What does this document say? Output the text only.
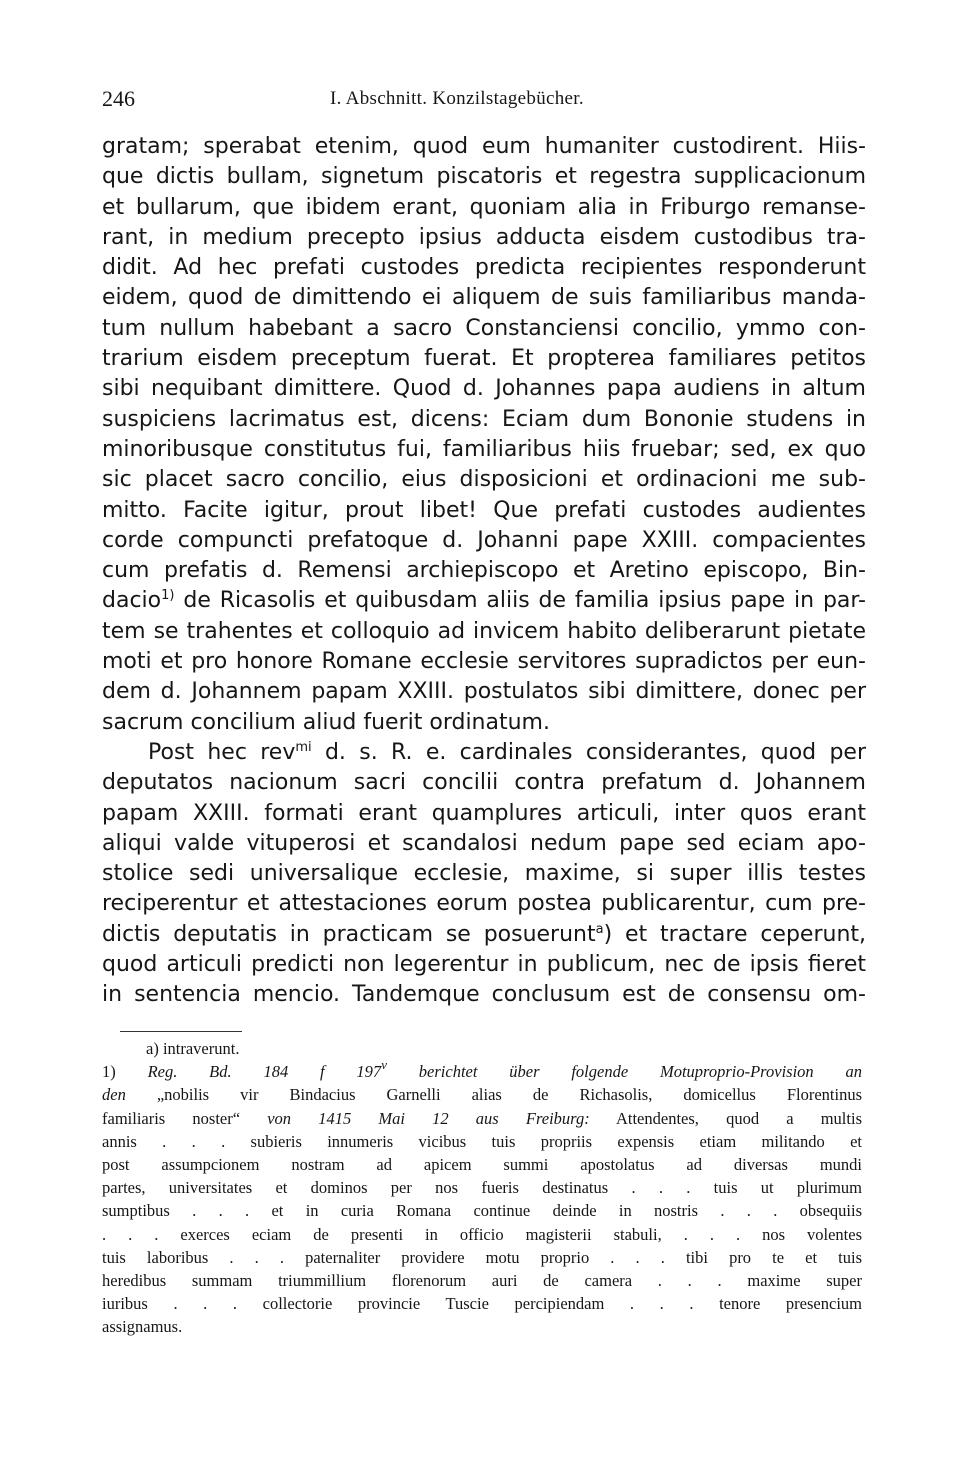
246	I. Abschnitt. Konzilstagebücher.
gratam; sperabat etenim, quod eum humaniter custodirent. Hiis-
que dictis bullam, signetum piscatoris et regestra supplicacionum
et bullarum, que ibidem erant, quoniam alia in Friburgo remanse-
rant, in medium precepto ipsius adducta eisdem custodibus tra-
didit. Ad hec prefati custodes predicta recipientes responderunt
eidem, quod de dimittendo ei aliquem de suis familiaribus manda-
tum nullum habebant a sacro Constanciensi concilio, ymmo con-
trarium eisdem preceptum fuerat. Et propterea familiares petitos
sibi nequibant dimittere. Quod d. Johannes papa audiens in altum
suspiciens lacrimatus est, dicens: Eciam dum Bononie studens in
minoribusque constitutus fui, familiaribus hiis fruebar; sed, ex quo
sic placet sacro concilio, eius disposicioni et ordinacioni me sub-
mitto. Facite igitur, prout libet! Que prefati custodes audientes
corde compuncti prefatoque d. Johanni pape XXIII. compacientes
cum prefatis d. Remensi archiepiscopo et Aretino episcopo, Bin-
dacio$^{1)}$ de Ricasolis et quibusdam aliis de familia ipsius pape in par-
tem se trahentes et colloquio ad invicem habito deliberarunt pietate
moti et pro honore Romane ecclesie servitores supradictos per eun-
dem d. Johannem papam XXIII. postulatos sibi dimittere, donec per
sacrum concilium aliud fuerit ordinatum.
Post hec rev$^{mi}$ d. s. R. e. cardinales considerantes, quod per
deputatos nacionum sacri concilii contra prefatum d. Johannem
papam XXIII. formati erant quamplures articuli, inter quos erant
aliqui valde vituperosi et scandalosi nedum pape sed eciam apo-
stolice sedi universalique ecclesie, maxime, si super illis testes
reciperentur et attestaciones eorum postea publicarentur, cum pre-
dictis deputatis in practicam se posuerunt$^a$) et tractare ceperunt,
quod articuli predicti non legerentur in publicum, nec de ipsis fieret
in sentencia mencio. Tandemque conclusum est de consensu om-
a) intraverunt.
1) Reg. Bd. 184 f 197$^v$ berichtet über folgende Motuproprio-Provision an
den „nobilis vir Bindacius Garnelli alias de Richasolis, domicellus Florentinus
familiaris noster“ von 1415 Mai 12 aus Freiburg: Attendentes, quod a multis
annis . . . subieris innumeris vicibus tuis propriis expensis etiam militando et
post assumpcionem nostram ad apicem summi apostolatus ad diversas mundi
partes, universitates et dominos per nos fueris destinatus . . . tuis ut plurimum
sumptibus . . . et in curia Romana continue deinde in nostris . . . obsequiis
. . . exerces eciam de presenti in officio magisterii stabuli, . . . nos volentes
tuis laboribus . . . paternaliter providere motu proprio . . . tibi pro te et tuis
heredibus summam triummillium florenorum auri de camera . . . maxime super
iuribus . . . collectorie provincie Tuscie percipiendam . . . tenore presencium
assignamus.
